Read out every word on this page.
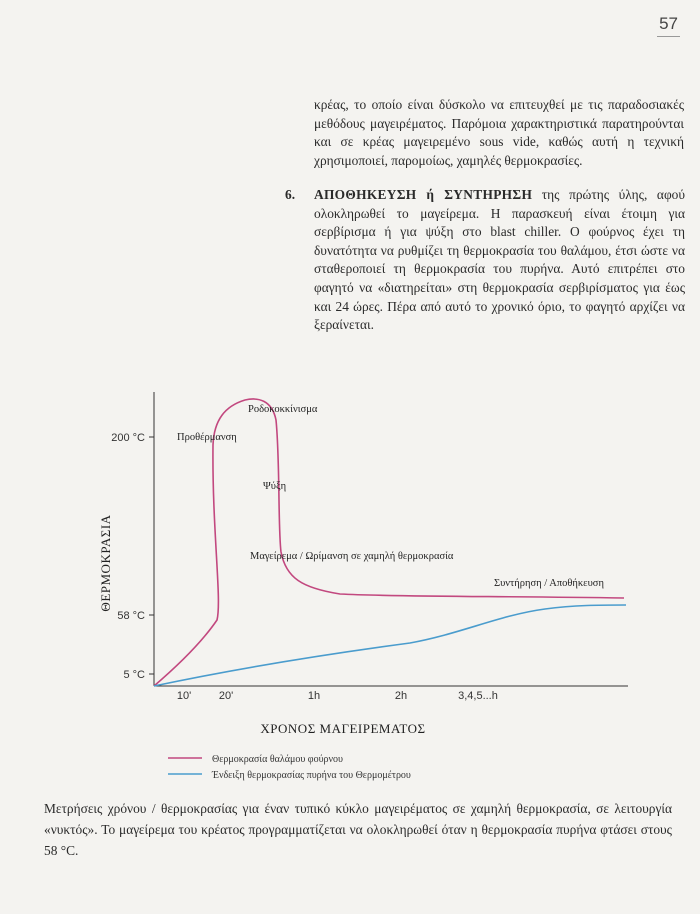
57

κρέας, το οποίο είναι δύσκολο να επιτευχθεί με τις παραδοσιακές μεθόδους μαγειρέματος. Παρόμοια χαρακτηριστικά παρατηρούνται και σε κρέας μαγειρεμένο sous vide, καθώς αυτή η τεχνική χρησιμοποιεί, παρομοίως, χαμηλές θερμοκρασίες.

6. ΑΠΟΘΗΚΕΥΣΗ ή ΣΥΝΤΗΡΗΣΗ της πρώτης ύλης, αφού ολοκληρωθεί το μαγείρεμα. Η παρασκευή είναι έτοιμη για σερβίρισμα ή για ψύξη στο blast chiller. Ο φούρνος έχει τη δυνατότητα να ρυθμίζει τη θερμοκρασία του θαλάμου, έτσι ώστε να σταθεροποιεί τη θερμοκρασία του πυρήνα. Αυτό επιτρέπει στο φαγητό να «διατηρείται» στη θερμοκρασία σερβιρίσματος για έως και 24 ώρες. Πέρα από αυτό το χρονικό όριο, το φαγητό αρχίζει να ξεραίνεται.
200 °C
58 °C
5 °C
10'	20'	1h	2h	3,4,5...h
ΘΕΡΜΟΚΡΑΣΙΑ
ΧΡΟΝΟΣ ΜΑΓΕΙΡΕΜΑΤΟΣ
Ροδοκοκκίνισμα
Προθέρμανση
Ψύξη
Μαγείρεμα / Ωρίμανση σε χαμηλή θερμοκρασία
Συντήρηση / Αποθήκευση
Θερμοκρασία θαλάμου φούρνου
Ένδειξη θερμοκρασίας πυρήνα του Θερμομέτρου
Μετρήσεις χρόνου / θερμοκρασίας για έναν τυπικό κύκλο μαγειρέματος σε χαμηλή θερμοκρασία, σε λειτουργία «νυκτός». Το μαγείρεμα του κρέατος προγραμματίζεται να ολοκληρωθεί όταν η θερμοκρασία πυρήνα φτάσει στους 58 °C.
